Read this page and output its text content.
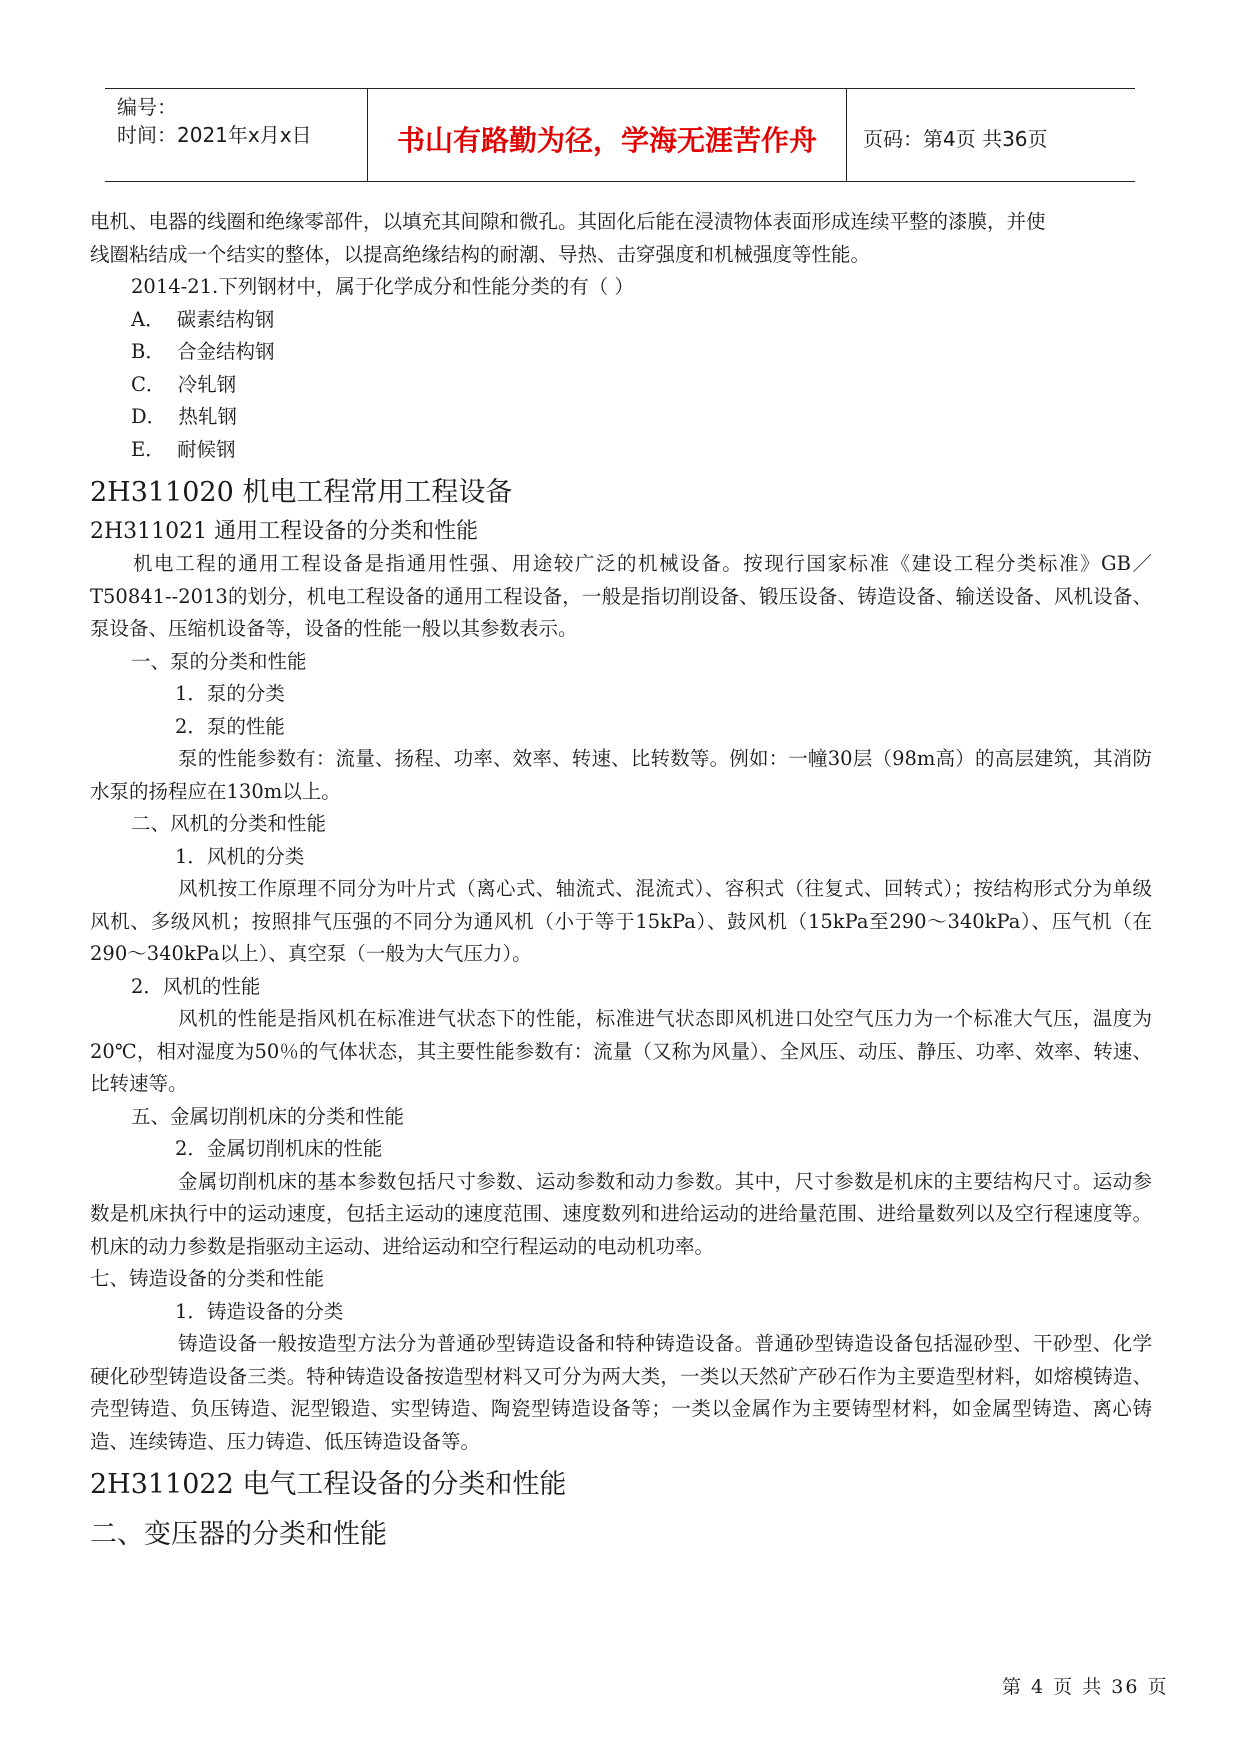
编号：
时间：2021年x月x日	书山有路勤为径，学海无涯苦作舟	页码：第4页 共36页

电机、电器的线圈和绝缘零部件，以填充其间隙和微孔。其固化后能在浸渍物体表面形成连续平整的漆膜，并使

线圈粘结成一个结实的整体，以提高绝缘结构的耐潮、导热、击穿强度和机械强度等性能。

2014-21.下列钢材中，属于化学成分和性能分类的有（ ）

A． 碳素结构钢

B． 合金结构钢

C． 冷轧钢

D． 热轧钢

E． 耐候钢

2H311020 机电工程常用工程设备
2H311021 通用工程设备的分类和性能

机电工程的通用工程设备是指通用性强、用途较广泛的机械设备。按现行国家标准《建设工程分类标准》GB／T50841--2013的划分，机电工程设备的通用工程设备，一般是指切削设备、锻压设备、铸造设备、输送设备、风机设备、泵设备、压缩机设备等，设备的性能一般以其参数表示。

一、泵的分类和性能

1．泵的分类

2．泵的性能

泵的性能参数有：流量、扬程、功率、效率、转速、比转数等。例如：一幢30层（98m高）的高层建筑，其消防水泵的扬程应在130m以上。

二、风机的分类和性能

1．风机的分类

风机按工作原理不同分为叶片式（离心式、轴流式、混流式）、容积式（往复式、回转式）；按结构形式分为单级风机、多级风机；按照排气压强的不同分为通风机（小于等于15kPa）、鼓风机（15kPa至290～340kPa）、压气机（在290～340kPa以上）、真空泵（一般为大气压力）。

2．风机的性能

风机的性能是指风机在标准进气状态下的性能，标准进气状态即风机进口处空气压力为一个标准大气压，温度为20℃，相对湿度为50％的气体状态，其主要性能参数有：流量（又称为风量）、全风压、动压、静压、功率、效率、转速、比转速等。

五、金属切削机床的分类和性能

2．金属切削机床的性能

金属切削机床的基本参数包括尺寸参数、运动参数和动力参数。其中，尺寸参数是机床的主要结构尺寸。运动参数是机床执行中的运动速度，包括主运动的速度范围、速度数列和进给运动的进给量范围、进给量数列以及空行程速度等。机床的动力参数是指驱动主运动、进给运动和空行程运动的电动机功率。

七、铸造设备的分类和性能

1．铸造设备的分类

铸造设备一般按造型方法分为普通砂型铸造设备和特种铸造设备。普通砂型铸造设备包括湿砂型、干砂型、化学硬化砂型铸造设备三类。特种铸造设备按造型材料又可分为两大类，一类以天然矿产砂石作为主要造型材料，如熔模铸造、壳型铸造、负压铸造、泥型锻造、实型铸造、陶瓷型铸造设备等；一类以金属作为主要铸型材料，如金属型铸造、离心铸造、连续铸造、压力铸造、低压铸造设备等。

2H311022 电气工程设备的分类和性能
二、变压器的分类和性能
第 4 页 共 36 页
